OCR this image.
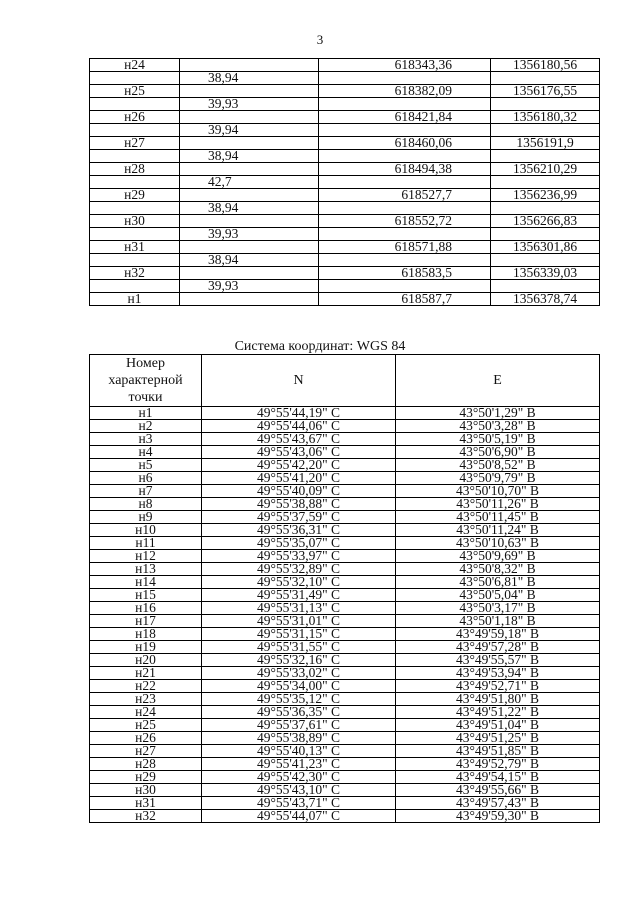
3
н24		618343,36	1356180,56
	38,94		
н25		618382,09	1356176,55
	39,93		
н26		618421,84	1356180,32
	39,94		
н27		618460,06	1356191,9
	38,94		
н28		618494,38	1356210,29
	42,7		
н29		618527,7	1356236,99
	38,94		
н30		618552,72	1356266,83
	39,93		
н31		618571,88	1356301,86
	38,94		
н32		618583,5	1356339,03
	39,93		
н1		618587,7	1356378,74
Система координат: WGS 84
Номер характерной точки	N	E
н1	49°55'44,19" С	43°50'1,29" В
н2	49°55'44,06" С	43°50'3,28" В
н3	49°55'43,67" С	43°50'5,19" В
н4	49°55'43,06" С	43°50'6,90" В
н5	49°55'42,20" С	43°50'8,52" В
н6	49°55'41,20" С	43°50'9,79" В
н7	49°55'40,09" С	43°50'10,70" В
н8	49°55'38,88" С	43°50'11,26" В
н9	49°55'37,59" С	43°50'11,45" В
н10	49°55'36,31" С	43°50'11,24" В
н11	49°55'35,07" С	43°50'10,63" В
н12	49°55'33,97" С	43°50'9,69" В
н13	49°55'32,89" С	43°50'8,32" В
н14	49°55'32,10" С	43°50'6,81" В
н15	49°55'31,49" С	43°50'5,04" В
н16	49°55'31,13" С	43°50'3,17" В
н17	49°55'31,01" С	43°50'1,18" В
н18	49°55'31,15" С	43°49'59,18" В
н19	49°55'31,55" С	43°49'57,28" В
н20	49°55'32,16" С	43°49'55,57" В
н21	49°55'33,02" С	43°49'53,94" В
н22	49°55'34,00" С	43°49'52,71" В
н23	49°55'35,12" С	43°49'51,80" В
н24	49°55'36,35" С	43°49'51,22" В
н25	49°55'37,61" С	43°49'51,04" В
н26	49°55'38,89" С	43°49'51,25" В
н27	49°55'40,13" С	43°49'51,85" В
н28	49°55'41,23" С	43°49'52,79" В
н29	49°55'42,30" С	43°49'54,15" В
н30	49°55'43,10" С	43°49'55,66" В
н31	49°55'43,71" С	43°49'57,43" В
н32	49°55'44,07" С	43°49'59,30" В
